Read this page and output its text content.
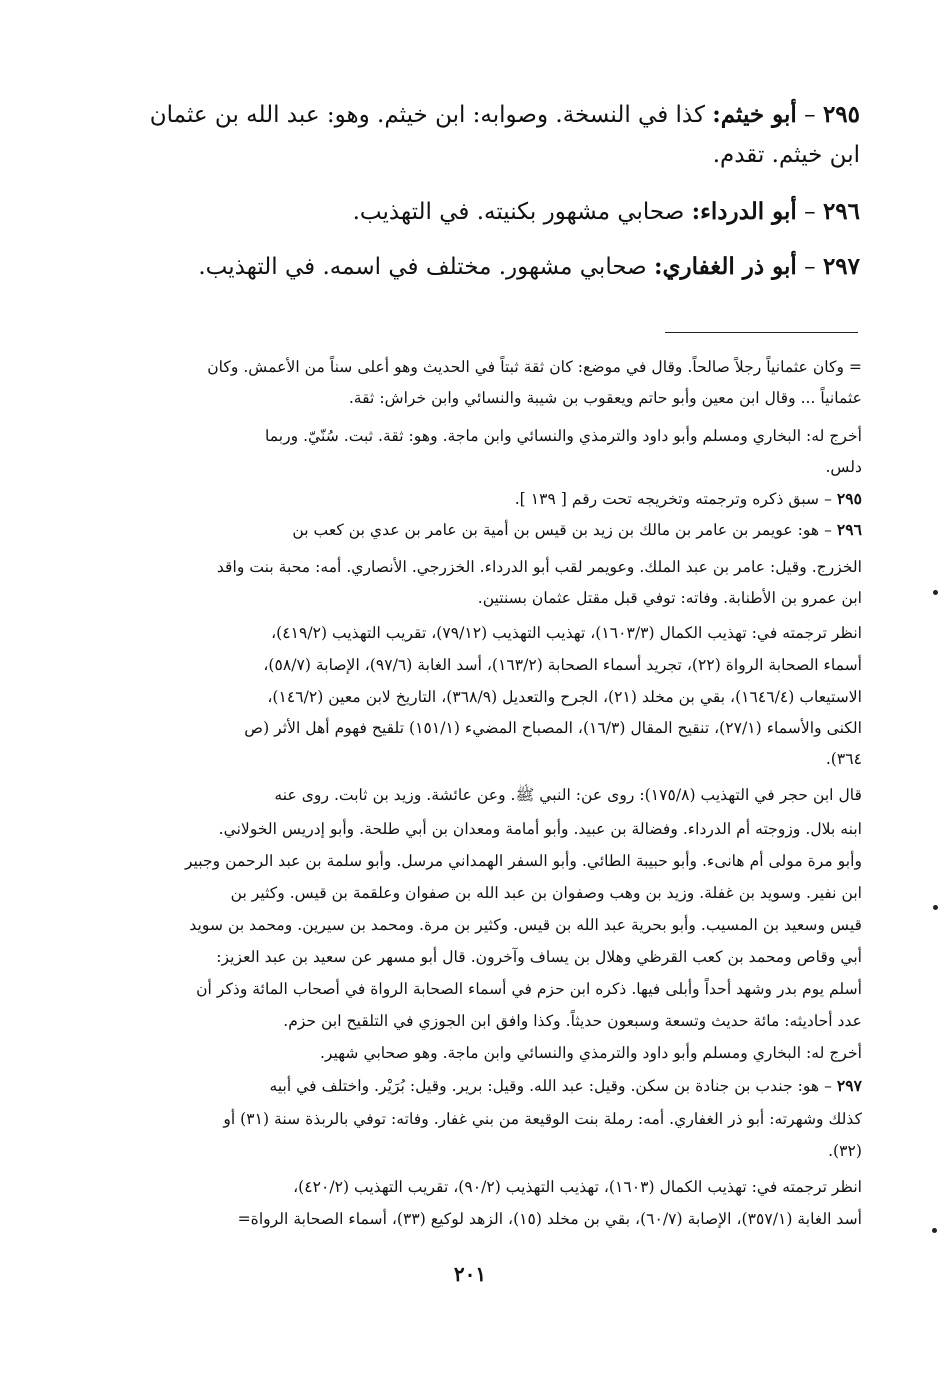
٢٩٥ – أبو خيثم: كذا في النسخة. وصوابه: ابن خيثم. وهو: عبد الله بن عثمان
ابن خيثم. تقدم.
٢٩٦ – أبو الدرداء: صحابي مشهور بكنيته. في التهذيب.
٢٩٧ – أبو ذر الغفاري: صحابي مشهور. مختلف في اسمه. في التهذيب.
= وكان عثمانياً رجلاً صالحاً. وقال في موضع: كان ثقة ثبتاً في الحديث وهو أعلى سناً من الأعمش. وكان
عثمانياً ... وقال ابن معين وأبو حاتم ويعقوب بن شيبة والنسائي وابن خراش: ثقة.
أخرج له: البخاري ومسلم وأبو داود والترمذي والنسائي وابن ماجة. وهو: ثقة. ثبت. سُنّيّ. وربما
دلس.
٢٩٥ – سبق ذكره وترجمته وتخريجه تحت رقم [ ١٣٩ ].
٢٩٦ – هو: عويمر بن عامر بن مالك بن زيد بن قيس بن أمية بن عامر بن عدي بن كعب بن
الخزرج. وقيل: عامر بن عبد الملك. وعويمر لقب أبو الدرداء. الخزرجي. الأنصاري. أمه: محبة بنت واقد
ابن عمرو بن الأطنابة. وفاته: توفي قبل مقتل عثمان بسنتين.
انظر ترجمته في: تهذيب الكمال (١٦٠٣/٣)، تهذيب التهذيب (٧٩/١٢)، تقريب التهذيب (٤١٩/٢)،
أسماء الصحابة الرواة (٢٢)، تجريد أسماء الصحابة (١٦٣/٢)، أسد الغابة (٩٧/٦)، الإصابة (٥٨/٧)،
الاستيعاب (١٦٤٦/٤)، بقي بن مخلد (٢١)، الجرح والتعديل (٣٦٨/٩)، التاريخ لابن معين (١٤٦/٢)،
الكنى والأسماء (٢٧/١)، تنقيح المقال (١٦/٣)، المصباح المضيء (١٥١/١) تلقيح فهوم أهل الأثر (ص
٣٦٤).
قال ابن حجر في التهذيب (١٧٥/٨): روى عن: النبي ﷺ. وعن عائشة. وزيد بن ثابت. روى عنه
ابنه بلال. وزوجته أم الدرداء. وفضالة بن عبيد. وأبو أمامة ومعدان بن أبي طلحة. وأبو إدريس الخولاني.
وأبو مرة مولى أم هانىء. وأبو حبيبة الطائي. وأبو السفر الهمداني مرسل. وأبو سلمة بن عبد الرحمن وجبير
ابن نفير. وسويد بن غفلة. وزيد بن وهب وصفوان بن عبد الله بن صفوان وعلقمة بن قيس. وكثير بن
قيس وسعيد بن المسيب. وأبو بحرية عبد الله بن قيس. وكثير بن مرة. ومحمد بن سيرين. ومحمد بن سويد
أبي وقاص ومحمد بن كعب القرظي وهلال بن يساف وآخرون. قال أبو مسهر عن سعيد بن عبد العزيز:
أسلم يوم بدر وشهد أحداً وأبلى فيها. ذكره ابن حزم في أسماء الصحابة الرواة في أصحاب المائة وذكر أن
عدد أحاديثه: مائة حديث وتسعة وسبعون حديثاً. وكذا وافق ابن الجوزي في التلقيح ابن حزم.
أخرج له: البخاري ومسلم وأبو داود والترمذي والنسائي وابن ماجة. وهو صحابي شهير.
٢٩٧ – هو: جندب بن جنادة بن سكن. وقيل: عبد الله. وقيل: برير. وقيل: بُرَيْر. واختلف في أبيه
كذلك وشهرته: أبو ذر الغفاري. أمه: رملة بنت الوقيعة من بني غفار. وفاته: توفي بالربذة سنة (٣١) أو
(٣٢).
انظر ترجمته في: تهذيب الكمال (١٦٠٣)، تهذيب التهذيب (٩٠/٢)، تقريب التهذيب (٤٢٠/٢)،
أسد الغابة (٣٥٧/١)، الإصابة (٦٠/٧)، بقي بن مخلد (١٥)، الزهد لوكيع (٣٣)، أسماء الصحابة الرواة=
٢٠١
